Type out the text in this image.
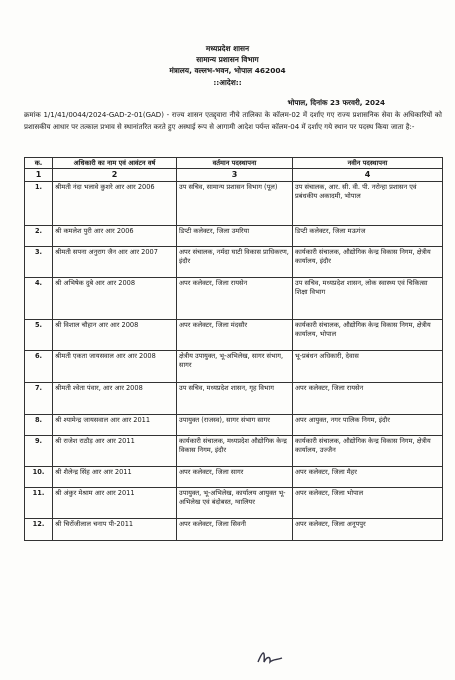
मध्यप्रदेश शासन
सामान्य प्रशासन विभाग
मंत्रालय, वल्लभ-भवन, भोपाल 462004
::आदेश::
भोपाल, दिनांक 23 फरवरी, 2024
क्रमांक 1/1/41/0044/2024-GAD-2-01(GAD) - राज्य शासन एतद्द्वारा नीचे तालिका के कॉलम-02 में दर्शाए गए राज्य प्रशासनिक सेवा के अधिकारियों को प्रशासकीय आधार पर तत्काल प्रभाव से स्थानांतरित करते हुए अस्थाई रूप से आगामी आदेश पर्यन्त कॉलम-04 में दर्शाए गये स्थान पर पदस्थ किया जाता है:-
क.	अधिकारी का नाम एवं आवंटन वर्ष	वर्तमान पदस्थापना	नवीन पदस्थापना
1	2	3	4
1.	श्रीमती नंदा भलावे कुशरे आर आर 2006	उप सचिव, सामान्य प्रशासन विभाग (पूल)	उप संचालक, आर. सी. वी. पी. नरोन्हा प्रशासन एवं प्रबंधकीय अकादमी, भोपाल
2.	श्री कमलेश पुरी आर आर 2006	डिप्टी कलेक्टर, जिला उमरिया	डिप्टी कलेक्टर, जिला मऊगंज
3.	श्रीमती सपना अनुराग जैन आर आर 2007	अपर संचालक, नर्मदा घाटी विकास प्राधिकरण, इंदौर	कार्यकारी संचालक, औद्योगिक केन्द्र विकास निगम, क्षेत्रीय कार्यालय, इंदौर
4.	श्री अभिषेक दुबे आर आर 2008	अपर कलेक्टर, जिला रायसेन	उप सचिव, मध्यप्रदेश शासन, लोक स्वास्थ्य एवं चिकित्सा शिक्षा विभाग
5.	श्री विशाल चौहान आर आर 2008	अपर कलेक्टर, जिला मंदसौर	कार्यकारी संचालक, औद्योगिक केन्द्र विकास निगम, क्षेत्रीय कार्यालय, भोपाल
6.	श्रीमती एकता जायसवाल आर आर 2008	क्षेत्रीय उपायुक्त, भू-अभिलेख, सागर संभाग, सागर	भू-प्रबंधन अधिकारी, देवास
7.	श्रीमती श्वेता पंवार, आर आर 2008	उप सचिव, मध्यप्रदेश शासन, गृह विभाग	अपर कलेक्टर, जिला रायसेन
8.	श्री श्यामेन्द्र जायसवाल आर आर 2011	उपायुक्त (राजस्व), सागर संभाग सागर	अपर आयुक्त, नगर पालिक निगम, इंदौर
9.	श्री राजेश राठौड़ आर आर 2011	कार्यकारी संचालक, मध्यप्रदेश औद्योगिक केन्द्र विकास निगम, इंदौर	कार्यकारी संचालक, औद्योगिक केन्द्र विकास निगम, क्षेत्रीय कार्यालय, उज्जैन
10.	श्री शैलेन्द्र सिंह आर आर 2011	अपर कलेक्टर, जिला सागर	अपर कलेक्टर, जिला मैहर
11.	श्री अंकुर मेश्राम आर आर 2011	उपायुक्त, भू-अभिलेख, कार्यालय आयुक्त भू-अभिलेख एवं बंदोबस्त, ग्वालियर	अपर कलेक्टर, जिला भोपाल
12.	श्री चिरोंजीलाल चनाप पी-2011	अपर कलेक्टर, जिला सिवनी	अपर कलेक्टर, जिला अनूपपुर
